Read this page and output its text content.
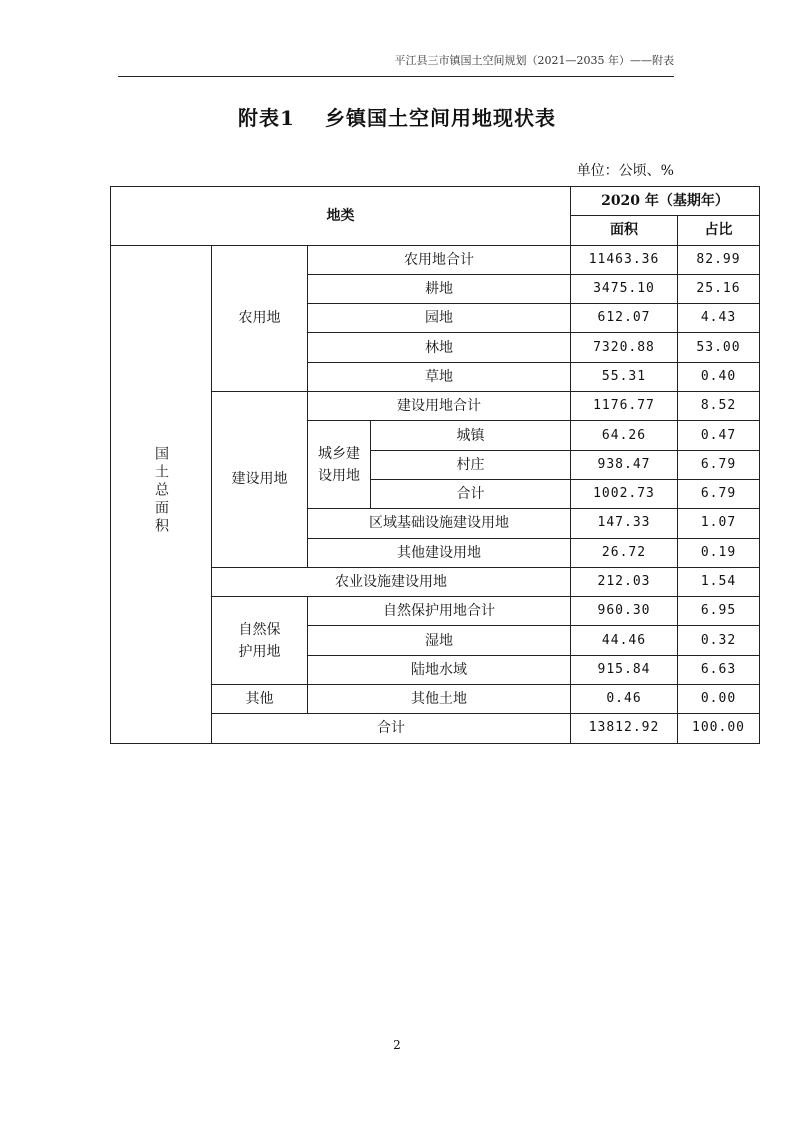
平江县三市镇国土空间规划（2021—2035 年）——附表
附表1 乡镇国土空间用地现状表
单位：公顷、%
地类				2020 年（基期年）	
				面积	占比
国土总面积	农用地	农用地合计		11463.36	82.99
		耕地		3475.10	25.16
		园地		612.07	4.43
		林地		7320.88	53.00
		草地		55.31	0.40
	建设用地	建设用地合计		1176.77	8.52
		城乡建设用地	城镇	64.26	0.47
			村庄	938.47	6.79
			合计	1002.73	6.79
		区域基础设施建设用地		147.33	1.07
		其他建设用地		26.72	0.19
	农业设施建设用地			212.03	1.54
	自然保护用地	自然保护用地合计		960.30	6.95
		湿地		44.46	0.32
		陆地水域		915.84	6.63
	其他	其他土地		0.46	0.00
	合计			13812.92	100.00
2
